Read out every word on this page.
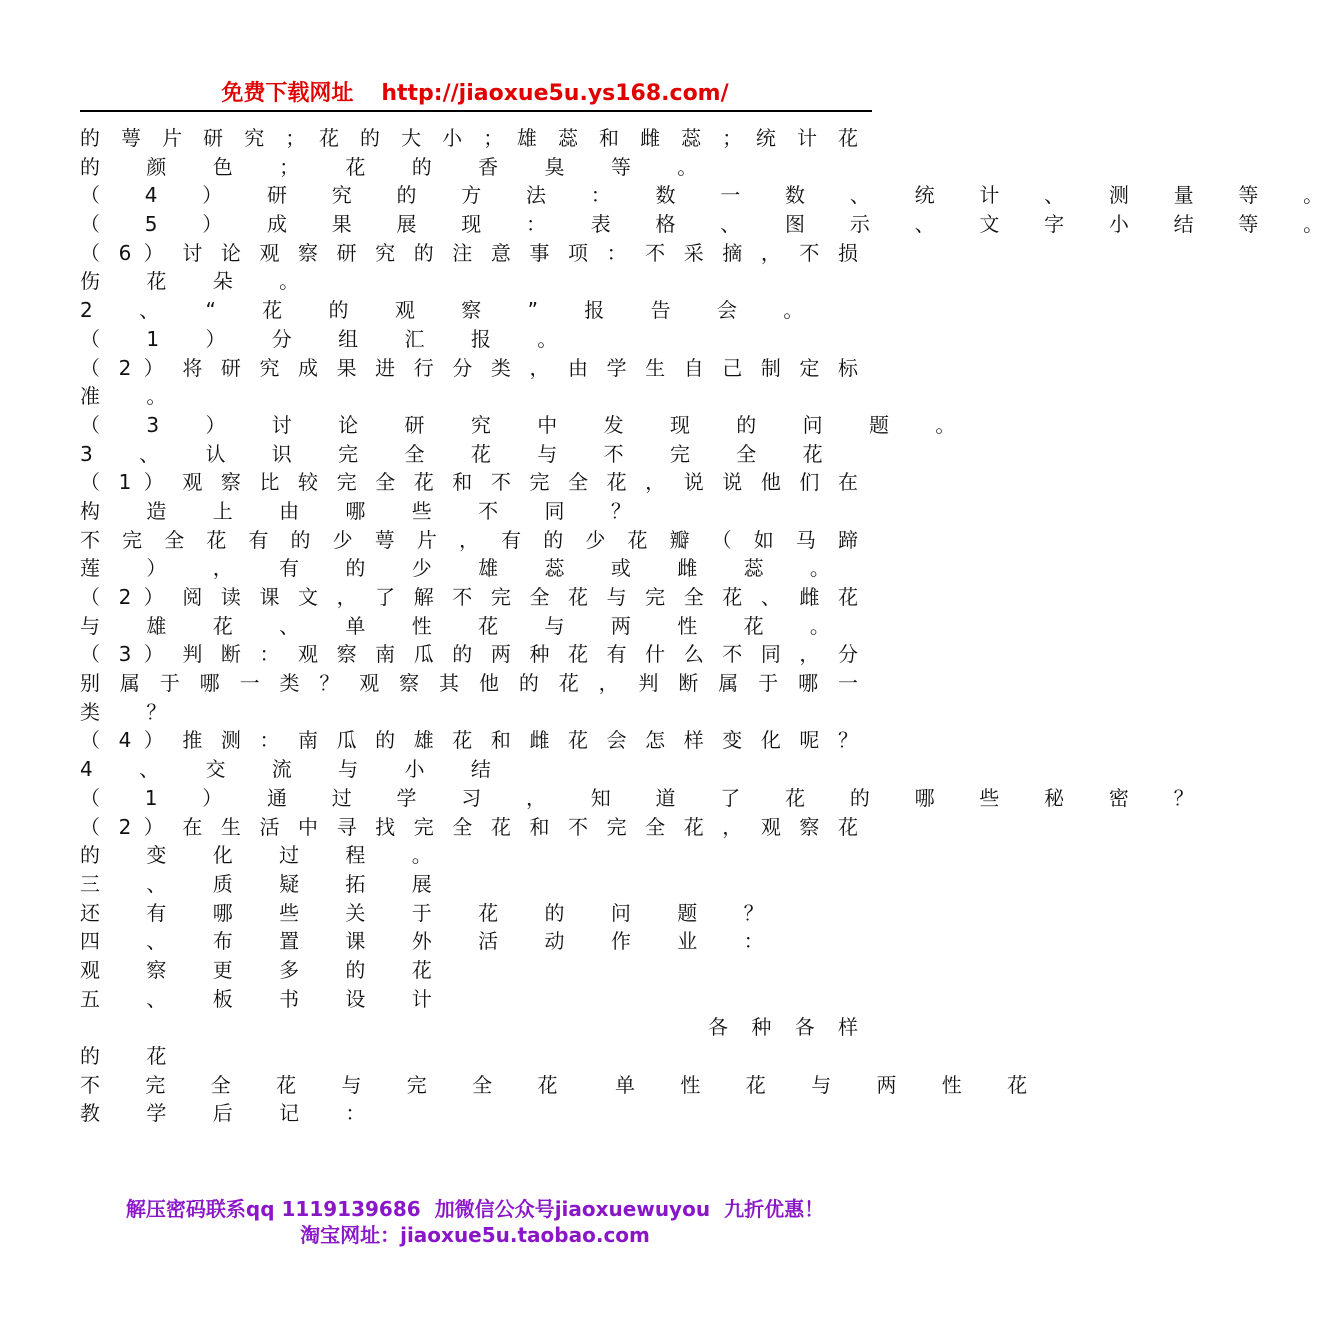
免费下载网址 http://jiaoxue5u.ys168.com/
的 萼 片 研 究 ； 花 的 大 小 ； 雄 蕊 和 雌 蕊 ； 统 计 花
的 颜 色 ； 花 的 香 臭 等 。
（ 4 ） 研 究 的 方 法 ： 数 一 数 、 统 计 、 测 量 等 。
（ 5 ） 成 果 展 现 ： 表 格 、 图 示 、 文 字 小 结 等 。
（ 6 ） 讨 论 观 察 研 究 的 注 意 事 项 ： 不 采 摘 ， 不 损
伤 花 朵 。
2 、 “ 花 的 观 察 ” 报 告 会 。
（ 1 ） 分 组 汇 报 。
（ 2 ） 将 研 究 成 果 进 行 分 类 ， 由 学 生 自 己 制 定 标
准 。
（ 3 ） 讨 论 研 究 中 发 现 的 问 题 。
3 、 认 识 完 全 花 与 不 完 全 花
（ 1 ） 观 察 比 较 完 全 花 和 不 完 全 花 ， 说 说 他 们 在
构 造 上 由 哪 些 不 同 ？
不 完 全 花 有 的 少 萼 片 ， 有 的 少 花 瓣 （ 如 马 蹄
莲 ） ， 有 的 少 雄 蕊 或 雌 蕊 。
（ 2 ） 阅 读 课 文 ， 了 解 不 完 全 花 与 完 全 花 、 雌 花
与 雄 花 、 单 性 花 与 两 性 花 。
（ 3 ） 判 断 ： 观 察 南 瓜 的 两 种 花 有 什 么 不 同 ， 分
别 属 于 哪 一 类 ？ 观 察 其 他 的 花 ， 判 断 属 于 哪 一
类 ？
（ 4 ） 推 测 ： 南 瓜 的 雄 花 和 雌 花 会 怎 样 变 化 呢 ？
4 、 交 流 与 小 结
（ 1 ） 通 过 学 习 ， 知 道 了 花 的 哪 些 秘 密 ？
（ 2 ） 在 生 活 中 寻 找 完 全 花 和 不 完 全 花 ， 观 察 花
的 变 化 过 程 。
三 、 质 疑 拓 展
还 有 哪 些 关 于 花 的 问 题 ？
四 、 布 置 课 外 活 动 作 业 ：
观 察 更 多 的 花
五 、 板 书 设 计
各 种 各 样
的 花
不 完 全 花 与 完 全 花 单 性 花 与 两 性 花
教 学 后 记 ：
解压密码联系qq 1119139686 加微信公众号jiaoxuewuyou 九折优惠！
淘宝网址：jiaoxue5u.taobao.com
